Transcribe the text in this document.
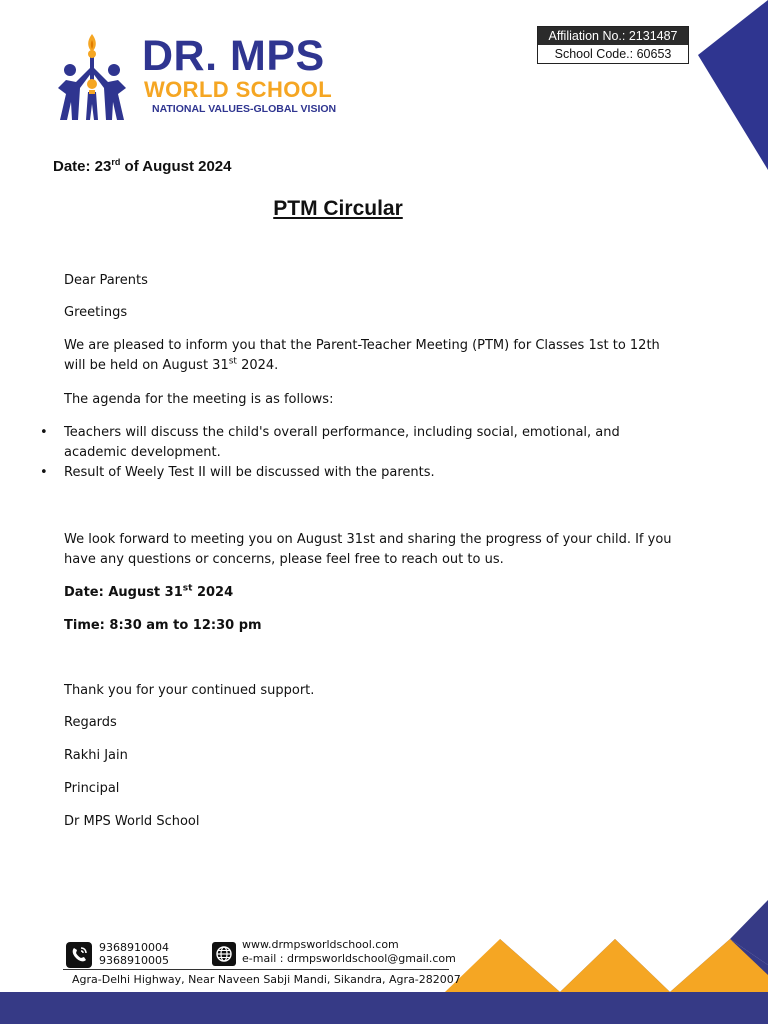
DR. MPS
WORLD SCHOOL
NATIONAL VALUES-GLOBAL VISION
Affiliation No.: 2131487
School Code.: 60653
Date: 23rd of August 2024
PTM Circular
Dear Parents
Greetings
We are pleased to inform you that the Parent-Teacher Meeting (PTM) for Classes 1st to 12th will be held on August 31st 2024.
The agenda for the meeting is as follows:
• Teachers will discuss the child's overall performance, including social, emotional, and academic development.
• Result of Weely Test II will be discussed with the parents.
We look forward to meeting you on August 31st and sharing the progress of your child. If you have any questions or concerns, please feel free to reach out to us.
Date: August 31st 2024
Time: 8:30 am to 12:30 pm
Thank you for your continued support.
Regards
Rakhi Jain
Principal
Dr MPS World School
9368910004
9368910005
www.drmpsworldschool.com
e-mail : drmpsworldschool@gmail.com
Agra-Delhi Highway, Near Naveen Sabji Mandi, Sikandra, Agra-282007
